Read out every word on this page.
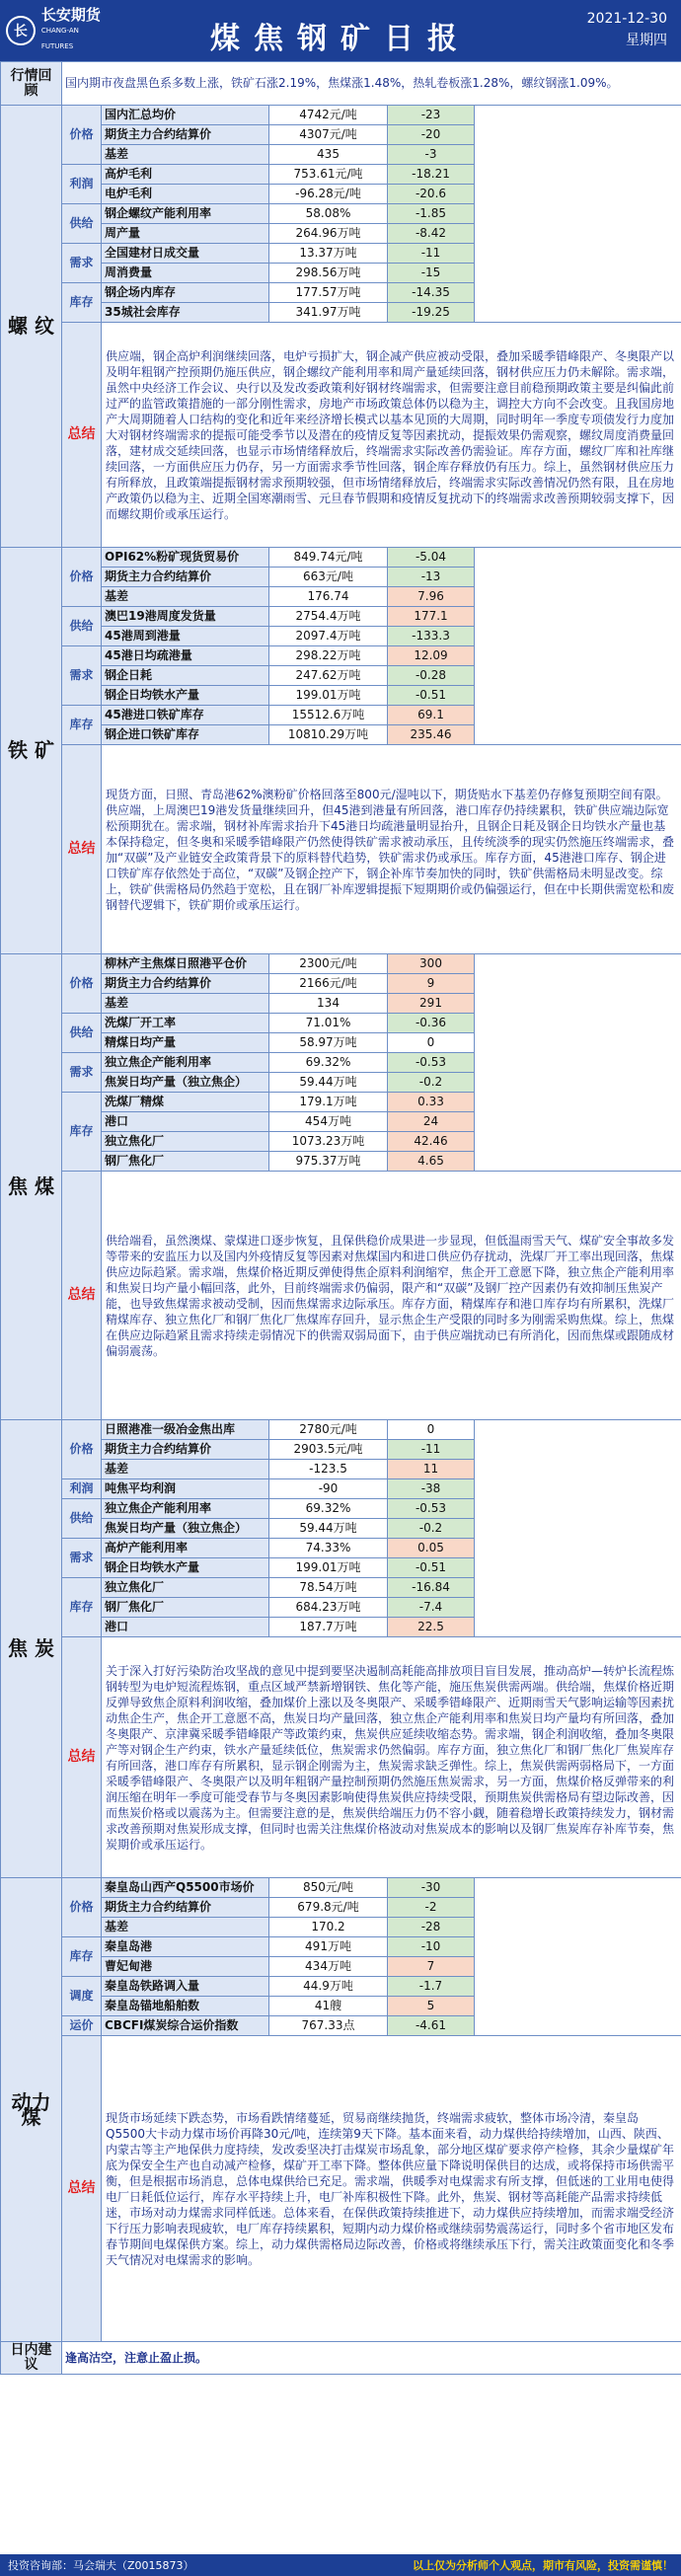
长
长安期货
CHANG-AN FUTURES	煤焦钢矿日报
2021-12-30
星期四
行情回顾	国内期市夜盘黑色系多数上涨，铁矿石涨2.19%，焦煤涨1.48%，热轧卷板涨1.28%，螺纹钢涨1.09%。				
螺 纹	价格	国内汇总均价	4742元/吨	-23	
		期货主力合约结算价	4307元/吨	-20	
		基差	435	-3	
	利润	高炉毛利	753.61元/吨	-18.21	
		电炉毛利	-96.28元/吨	-20.6	
	供给	钢企螺纹产能利用率	58.08%	-1.85	
		周产量	264.96万吨	-8.42	
	需求	全国建材日成交量	13.37万吨	-11	
		周消费量	298.56万吨	-15	
	库存	钢企场内库存	177.57万吨	-14.35	
		35城社会库存	341.97万吨	-19.25	
	总结	供应端，钢企高炉利润继续回落，电炉亏损扩大，钢企减产供应被动受限，叠加采暖季错峰限产、冬奥限产以及明年粗钢产控预期仍施压供应，钢企螺纹产能利用率和周产量延续回落，钢材供应压力仍未解除。需求端，虽然中央经济工作会议、央行以及发改委政策利好钢材终端需求，但需要注意目前稳预期政策主要是纠偏此前过严的监管政策措施的一部分刚性需求，房地产市场政策总体仍以稳为主，调控大方向不会改变。且我国房地产大周期随着人口结构的变化和近年来经济增长模式以基本见顶的大周期，同时明年一季度专项债发行力度加大对钢材终端需求的提振可能受季节以及潜在的疫情反复等因素扰动，提振效果仍需观察，螺纹周度消费量回落，建材成交延续回落，也显示市场情绪释放后，终端需求实际改善仍需验证。库存方面，螺纹厂库和社库继续回落，一方面供应压力仍存，另一方面需求季节性回落，钢企库存释放仍有压力。综上，虽然钢材供应压力有所释放，且政策端提振钢材需求预期较强，但市场情绪释放后，终端需求实际改善情况仍然有限，且在房地产政策仍以稳为主、近期全国寒潮雨雪、元旦春节假期和疫情反复扰动下的终端需求改善预期较弱支撑下，因而螺纹期价或承压运行。			
铁 矿	价格	OPI62%粉矿现货贸易价	849.74元/吨	-5.04	
		期货主力合约结算价	663元/吨	-13	
		基差	176.74	7.96	
	供给	澳巴19港周度发货量	2754.4万吨	177.1	
		45港周到港量	2097.4万吨	-133.3	
	需求	45港日均疏港量	298.22万吨	12.09	
		钢企日耗	247.62万吨	-0.28	
		钢企日均铁水产量	199.01万吨	-0.51	
	库存	45港进口铁矿库存	15512.6万吨	69.1	
		钢企进口铁矿库存	10810.29万吨	235.46	
	总结	现货方面，日照、青岛港62%澳粉矿价格回落至800元/湿吨以下，期货贴水下基差仍存修复预期空间有限。供应端，上周澳巴19港发货量继续回升，但45港到港量有所回落，港口库存仍持续累积，铁矿供应端边际宽松预期犹在。需求端，钢材补库需求抬升下45港日均疏港量明显抬升，且钢企日耗及钢企日均铁水产量也基本保持稳定，但冬奥和采暖季错峰限产仍然使得铁矿需求被动承压，且传统淡季的现实仍然施压终端需求，叠加“双碳”及产业链安全政策背景下的原料替代趋势，铁矿需求仍或承压。库存方面，45港港口库存、钢企进口铁矿库存依然处于高位，“双碳”及钢企控产下，钢企补库节奏加快的同时，铁矿供需格局未明显改变。综上，铁矿供需格局仍然趋于宽松，且在钢厂补库逻辑提振下短期期价或仍偏强运行，但在中长期供需宽松和废钢替代逻辑下，铁矿期价或承压运行。			
焦 煤	价格	柳林产主焦煤日照港平仓价	2300元/吨	300	
		期货主力合约结算价	2166元/吨	9	
		基差	134	291	
	供给	洗煤厂开工率	71.01%	-0.36	
		精煤日均产量	58.97万吨	0	
	需求	独立焦企产能利用率	69.32%	-0.53	
		焦炭日均产量（独立焦企）	59.44万吨	-0.2	
	库存	洗煤厂精煤	179.1万吨	0.33	
		港口	454万吨	24	
		独立焦化厂	1073.23万吨	42.46	
		钢厂焦化厂	975.37万吨	4.65	
	总结	供给端看，虽然澳煤、蒙煤进口逐步恢复，且保供稳价成果进一步显现，但低温雨雪天气、煤矿安全事故多发等带来的安监压力以及国内外疫情反复等因素对焦煤国内和进口供应仍存扰动，洗煤厂开工率出现回落，焦煤供应边际趋紧。需求端，焦煤价格近期反弹使得焦企原料利润缩窄，焦企开工意愿下降，独立焦企产能利用率和焦炭日均产量小幅回落，此外，目前终端需求仍偏弱，限产和“双碳”及钢厂控产因素仍有效抑制压焦炭产能，也导致焦煤需求被动受制，因而焦煤需求边际承压。库存方面，精煤库存和港口库存均有所累积，洗煤厂精煤库存、独立焦化厂和钢厂焦化厂焦煤库存回升，显示焦企生产受限的同时多为刚需采购焦煤。综上，焦煤在供应边际趋紧且需求持续走弱情况下的供需双弱局面下，由于供应端扰动已有所消化，因而焦煤或跟随成材偏弱震荡。			
焦 炭	价格	日照港准一级冶金焦出库	2780元/吨	0	
		期货主力合约结算价	2903.5元/吨	-11	
		基差	-123.5	11	
	利润	吨焦平均利润	-90	-38	
	供给	独立焦企产能利用率	69.32%	-0.53	
		焦炭日均产量（独立焦企）	59.44万吨	-0.2	
	需求	高炉产能利用率	74.33%	0.05	
		钢企日均铁水产量	199.01万吨	-0.51	
	库存	独立焦化厂	78.54万吨	-16.84	
		钢厂焦化厂	684.23万吨	-7.4	
		港口	187.7万吨	22.5	
	总结	关于深入打好污染防治攻坚战的意见中提到要坚决遏制高耗能高排放项目盲目发展，推动高炉—转炉长流程炼钢转型为电炉短流程炼钢，重点区域严禁新增钢铁、焦化等产能，施压焦炭供需两端。供给端，焦煤价格近期反弹导致焦企原料利润收缩，叠加煤价上涨以及冬奥限产、采暖季错峰限产、近期雨雪天气影响运输等因素扰动焦企生产，焦企开工意愿不高，焦炭日均产量回落，独立焦企产能利用率和焦炭日均产量均有所回落，叠加冬奥限产、京津冀采暖季错峰限产等政策约束，焦炭供应延续收缩态势。需求端，钢企利润收缩，叠加冬奥限产等对钢企生产约束，铁水产量延续低位，焦炭需求仍然偏弱。库存方面，独立焦化厂和钢厂焦化厂焦炭库存有所回落，港口库存有所累积，显示钢企刚需为主，焦炭需求缺乏弹性。综上，焦炭供需两弱格局下，一方面采暖季错峰限产、冬奥限产以及明年粗钢产量控制预期仍然施压焦炭需求，另一方面，焦煤价格反弹带来的利润压缩在明年一季度可能受春节与冬奥因素影响使得焦炭供应持续受限，预期焦炭供需格局有望边际改善，因而焦炭价格或以震荡为主。但需要注意的是，焦炭供给端压力仍不容小觑，随着稳增长政策持续发力，钢材需求改善预期对焦炭形成支撑，但同时也需关注焦煤价格波动对焦炭成本的影响以及钢厂焦炭库存补库节奏，焦炭期价或承压运行。			
动力煤	价格	秦皇岛山西产Q5500市场价	850元/吨	-30	
		期货主力合约结算价	679.8元/吨	-2	
		基差	170.2	-28	
	库存	秦皇岛港	491万吨	-10	
		曹妃甸港	434万吨	7	
	调度	秦皇岛铁路调入量	44.9万吨	-1.7	
		秦皇岛锚地船舶数	41艘	5	
	运价	CBCFI煤炭综合运价指数	767.33点	-4.61	
	总结	现货市场延续下跌态势，市场看跌情绪蔓延，贸易商继续抛货，终端需求疲软，整体市场冷清，秦皇岛Q5500大卡动力煤市场价再降30元/吨，连续第9天下降。基本面来看，动力煤供给持续增加，山西、陕西、内蒙古等主产地保供力度持续，发改委坚决打击煤炭市场乱象，部分地区煤矿要求停产检修，其余少量煤矿年底为保安全生产也自动减产检修，煤矿开工率下降。整体供应量下降说明保供目的达成，或将保持市场供需平衡，但是根据市场消息，总体电煤供给已充足。需求端，供暖季对电煤需求有所支撑，但低迷的工业用电使得电厂日耗低位运行，库存水平持续上升，电厂补库积极性下降。此外，焦炭、钢材等高耗能产品需求持续低迷，市场对动力煤需求同样低迷。总体来看，在保供政策持续推进下，动力煤供应持续增加，而需求端受经济下行压力影响表现疲软，电厂库存持续累积，短期内动力煤价格或继续弱势震荡运行，同时多个省市地区发布春节期间电煤保供方案。综上，动力煤供需格局边际改善，价格或将继续承压下行，需关注政策面变化和冬季天气情况对电煤需求的影响。			
日内建议	逢高沽空，注意止盈止损。				
投资咨询部：马会瑞夫（Z0015873）	以上仅为分析师个人观点，期市有风险，投资需谨慎！
